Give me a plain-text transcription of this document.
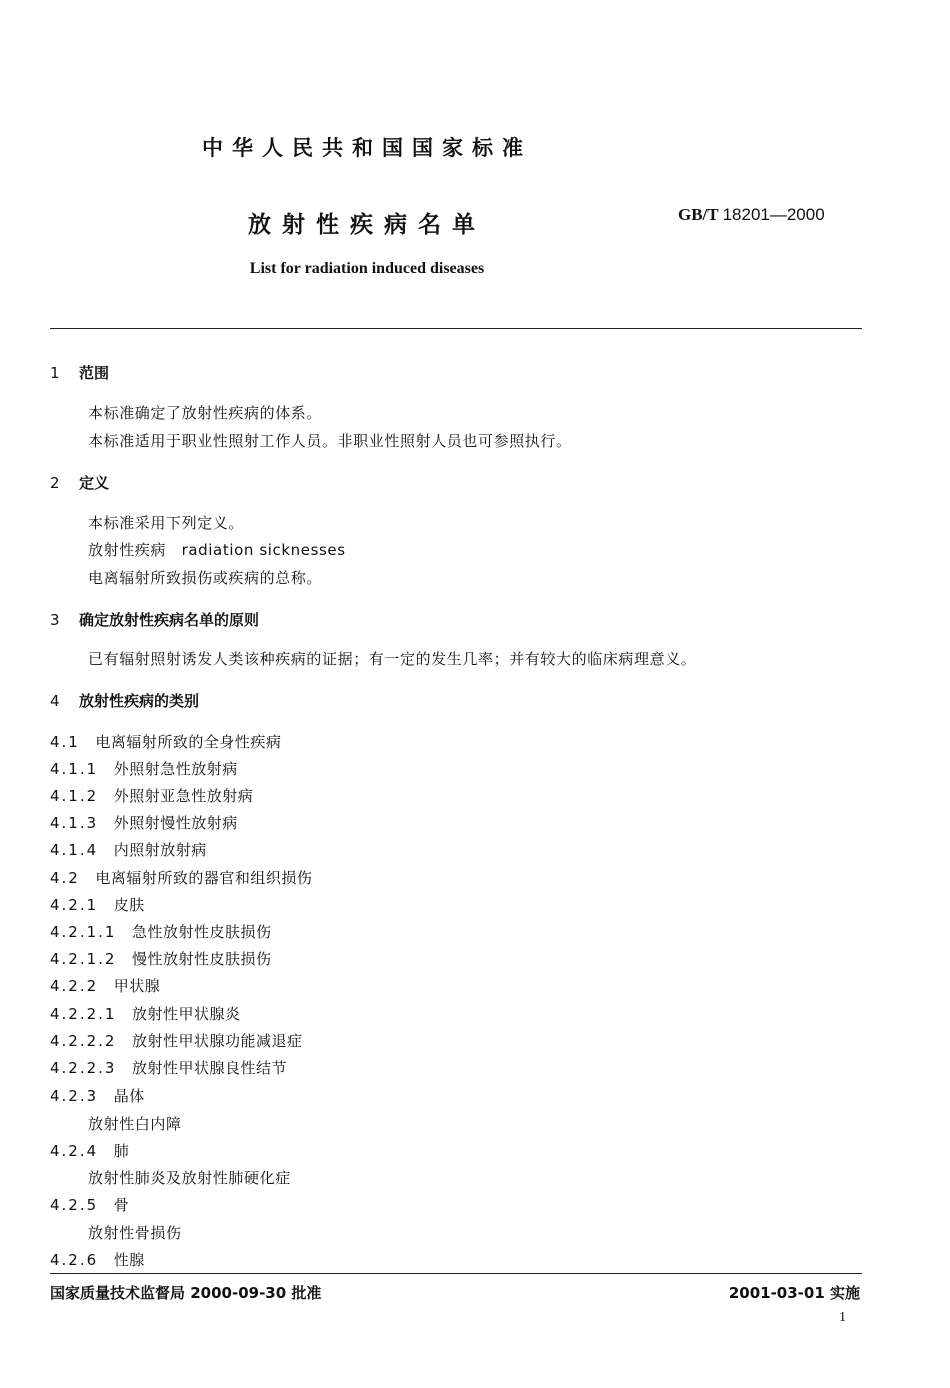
中华人民共和国国家标准
放射性疾病名单	GB/T 18201—2000
List for radiation induced diseases
1 范围
本标准确定了放射性疾病的体系。
本标准适用于职业性照射工作人员。非职业性照射人员也可参照执行。
2 定义
本标准采用下列定义。
放射性疾病　radiation sicknesses
电离辐射所致损伤或疾病的总称。
3 确定放射性疾病名单的原则
已有辐射照射诱发人类该种疾病的证据；有一定的发生几率；并有较大的临床病理意义。
4 放射性疾病的类别
4.1　 电离辐射所致的全身性疾病
4.1.1　 外照射急性放射病
4.1.2　 外照射亚急性放射病
4.1.3　 外照射慢性放射病
4.1.4　 内照射放射病
4.2　 电离辐射所致的器官和组织损伤
4.2.1　 皮肤
4.2.1.1　 急性放射性皮肤损伤
4.2.1.2　 慢性放射性皮肤损伤
4.2.2　 甲状腺
4.2.2.1　 放射性甲状腺炎
4.2.2.2　 放射性甲状腺功能减退症
4.2.2.3　 放射性甲状腺良性结节
4.2.3　 晶体
放射性白内障
4.2.4　 肺
放射性肺炎及放射性肺硬化症
4.2.5　 骨
放射性骨损伤
4.2.6　 性腺
国家质量技术监督局 2000-09-30 批准	2001-03-01 实施
1
